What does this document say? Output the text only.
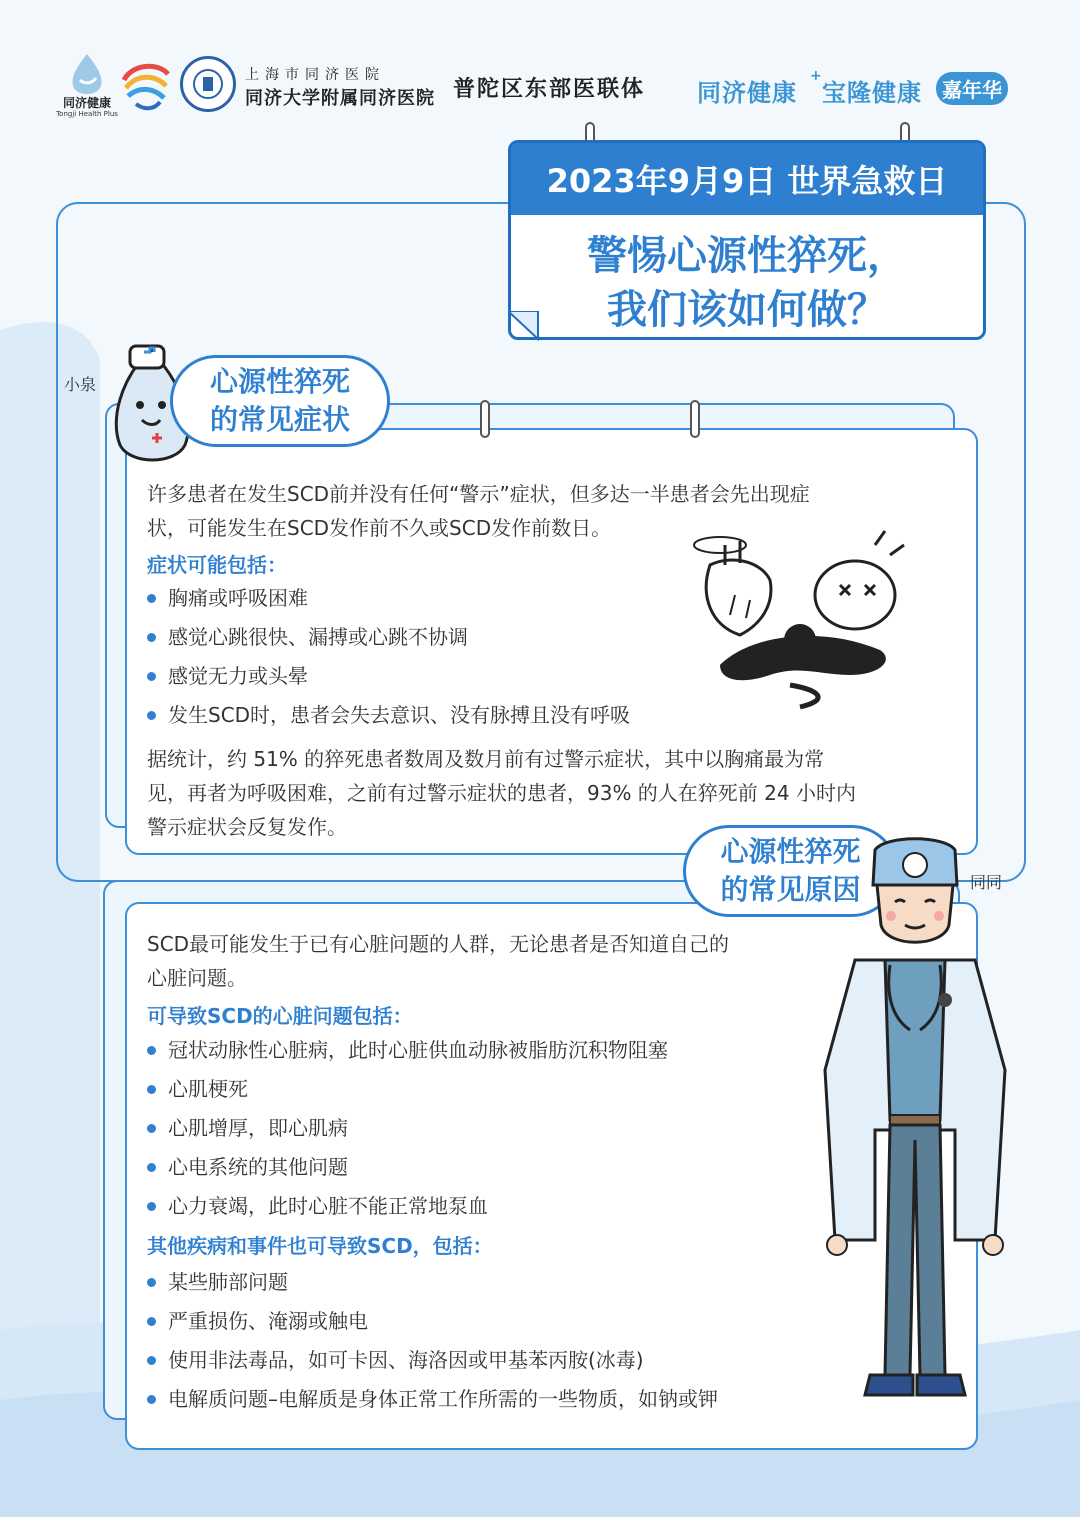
同济健康
Tongji Health Plus
上海市同济医院
同济大学附属同济医院 普陀区东部医联体 同济健康
+
宝隆健康	嘉年华
2023年9月9日 世界急救日
警惕心源性猝死，
我们该如何做？
小泉	心源性猝死
的常见症状
许多患者在发生SCD前并没有任何“警示”症状，但多达一半患者会先出现症
状，可能发生在SCD发作前不久或SCD发作前数日。
症状可能包括：
胸痛或呼吸困难
感觉心跳很快、漏搏或心跳不协调
感觉无力或头晕
发生SCD时，患者会失去意识、没有脉搏且没有呼吸
据统计，约 51% 的猝死患者数周及数月前有过警示症状，其中以胸痛最为常
见，再者为呼吸困难，之前有过警示症状的患者，93% 的人在猝死前 24 小时内
警示症状会反复发作。
心源性猝死
的常见原因	同同
SCD最可能发生于已有心脏问题的人群，无论患者是否知道自己的
心脏问题。
可导致SCD的心脏问题包括：
冠状动脉性心脏病，此时心脏供血动脉被脂肪沉积物阻塞
心肌梗死
心肌增厚，即心肌病
心电系统的其他问题
心力衰竭，此时心脏不能正常地泵血
其他疾病和事件也可导致SCD，包括：
某些肺部问题
严重损伤、淹溺或触电
使用非法毒品，如可卡因、海洛因或甲基苯丙胺(冰毒)
电解质问题–电解质是身体正常工作所需的一些物质，如钠或钾
